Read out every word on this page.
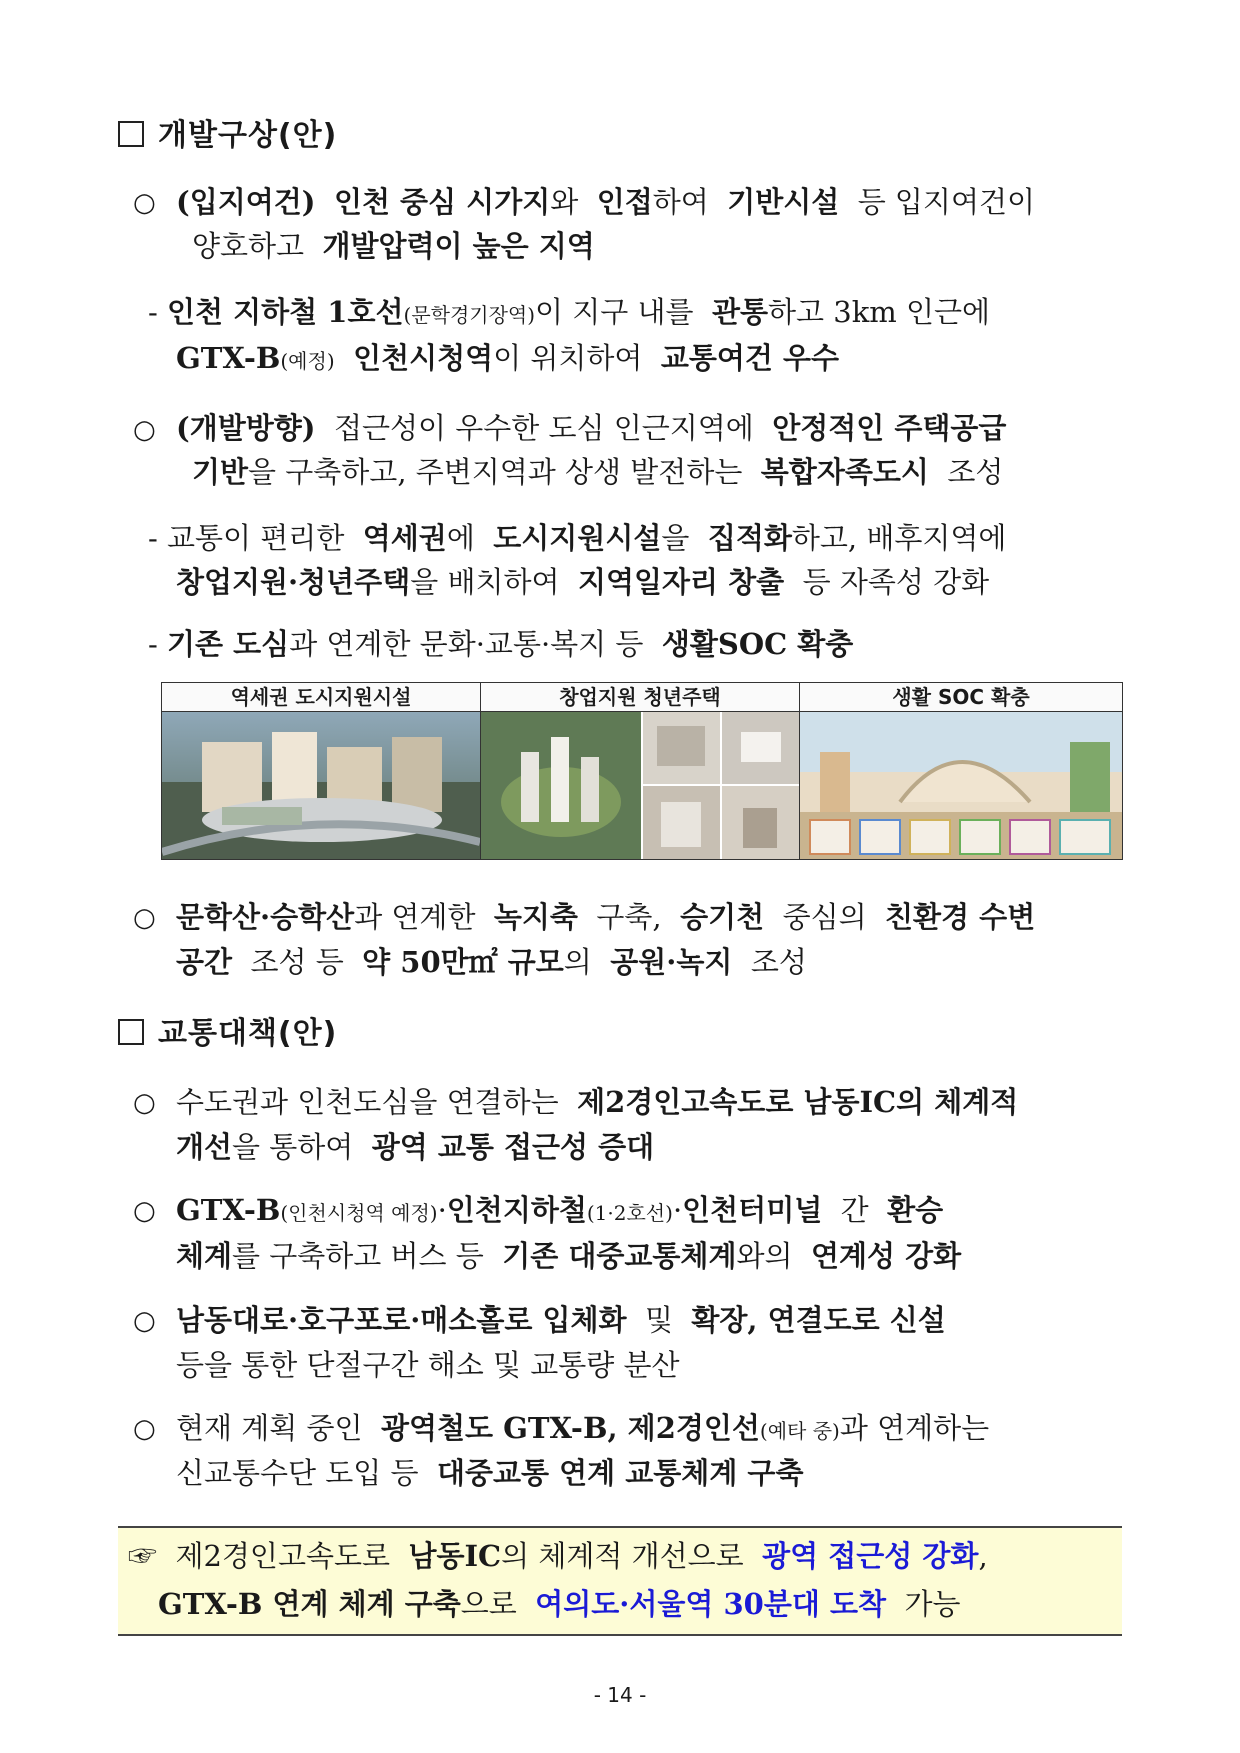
개발구상(안)
○ (입지여건) 인천 중심 시가지와 인접하여 기반시설 등 입지여건이
양호하고 개발압력이 높은 지역
- 인천 지하철 1호선(문학경기장역)이 지구 내를 관통하고 3km 인근에
GTX-B(예정) 인천시청역이 위치하여 교통여건 우수
○ (개발방향) 접근성이 우수한 도심 인근지역에 안정적인 주택공급
기반을 구축하고, 주변지역과 상생 발전하는 복합자족도시 조성
- 교통이 편리한 역세권에 도시지원시설을 집적화하고, 배후지역에
창업지원·청년주택을 배치하여 지역일자리 창출 등 자족성 강화
- 기존 도심과 연계한 문화·교통·복지 등 생활SOC 확충
역세권 도시지원시설	창업지원 청년주택	생활 SOC 확충
○ 문학산·승학산과 연계한 녹지축 구축, 승기천 중심의 친환경 수변
공간 조성 등 약 50만㎡ 규모의 공원·녹지 조성
교통대책(안)
○ 수도권과 인천도심을 연결하는 제2경인고속도로 남동IC의 체계적
개선을 통하여 광역 교통 접근성 증대
○ GTX-B(인천시청역 예정)·인천지하철(1·2호선)·인천터미널 간 환승
체계를 구축하고 버스 등 기존 대중교통체계와의 연계성 강화
○ 남동대로·호구포로·매소홀로 입체화 및 확장, 연결도로 신설
등을 통한 단절구간 해소 및 교통량 분산
○ 현재 계획 중인 광역철도 GTX-B, 제2경인선(예타 중)과 연계하는
신교통수단 도입 등 대중교통 연계 교통체계 구축
☞ 제2경인고속도로 남동IC의 체계적 개선으로 광역 접근성 강화,
GTX-B 연계 체계 구축으로 여의도·서울역 30분대 도착 가능
- 14 -
